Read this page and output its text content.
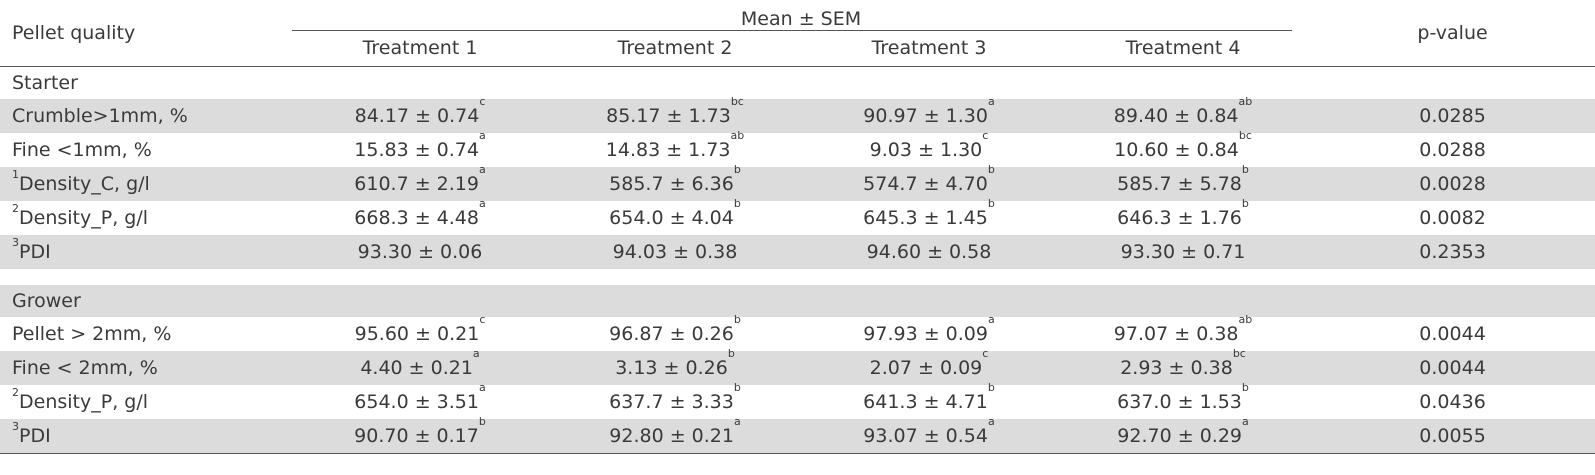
Pellet quality	Mean ± SEM				p-value
	Treatment 1	Treatment 2	Treatment 3	Treatment 4	
Starter					
Crumble>1mm, %	84.17 ± 0.74$^c$	85.17 ± 1.73$^{bc}$	90.97 ± 1.30$^a$	89.40 ± 0.84$^{ab}$	0.0285
Fine <1mm, %	15.83 ± 0.74$^a$	14.83 ± 1.73$^{ab}$	9.03 ± 1.30$^c$	10.60 ± 0.84$^{bc}$	0.0288
$^1$Density_C, g/l	610.7 ± 2.19$^a$	585.7 ± 6.36$^b$	574.7 ± 4.70$^b$	585.7 ± 5.78$^b$	0.0028
$^2$Density_P, g/l	668.3 ± 4.48$^a$	654.0 ± 4.04$^b$	645.3 ± 1.45$^b$	646.3 ± 1.76$^b$	0.0082
$^3$PDI	93.30 ± 0.06	94.03 ± 0.38	94.60 ± 0.58	93.30 ± 0.71	0.2353

Grower					
Pellet > 2mm, %	95.60 ± 0.21$^c$	96.87 ± 0.26$^b$	97.93 ± 0.09$^a$	97.07 ± 0.38$^{ab}$	0.0044
Fine < 2mm, %	4.40 ± 0.21$^a$	3.13 ± 0.26$^b$	2.07 ± 0.09$^c$	2.93 ± 0.38$^{bc}$	0.0044
$^2$Density_P, g/l	654.0 ± 3.51$^a$	637.7 ± 3.33$^b$	641.3 ± 4.71$^b$	637.0 ± 1.53$^b$	0.0436
$^3$PDI	90.70 ± 0.17$^b$	92.80 ± 0.21$^a$	93.07 ± 0.54$^a$	92.70 ± 0.29$^a$	0.0055
